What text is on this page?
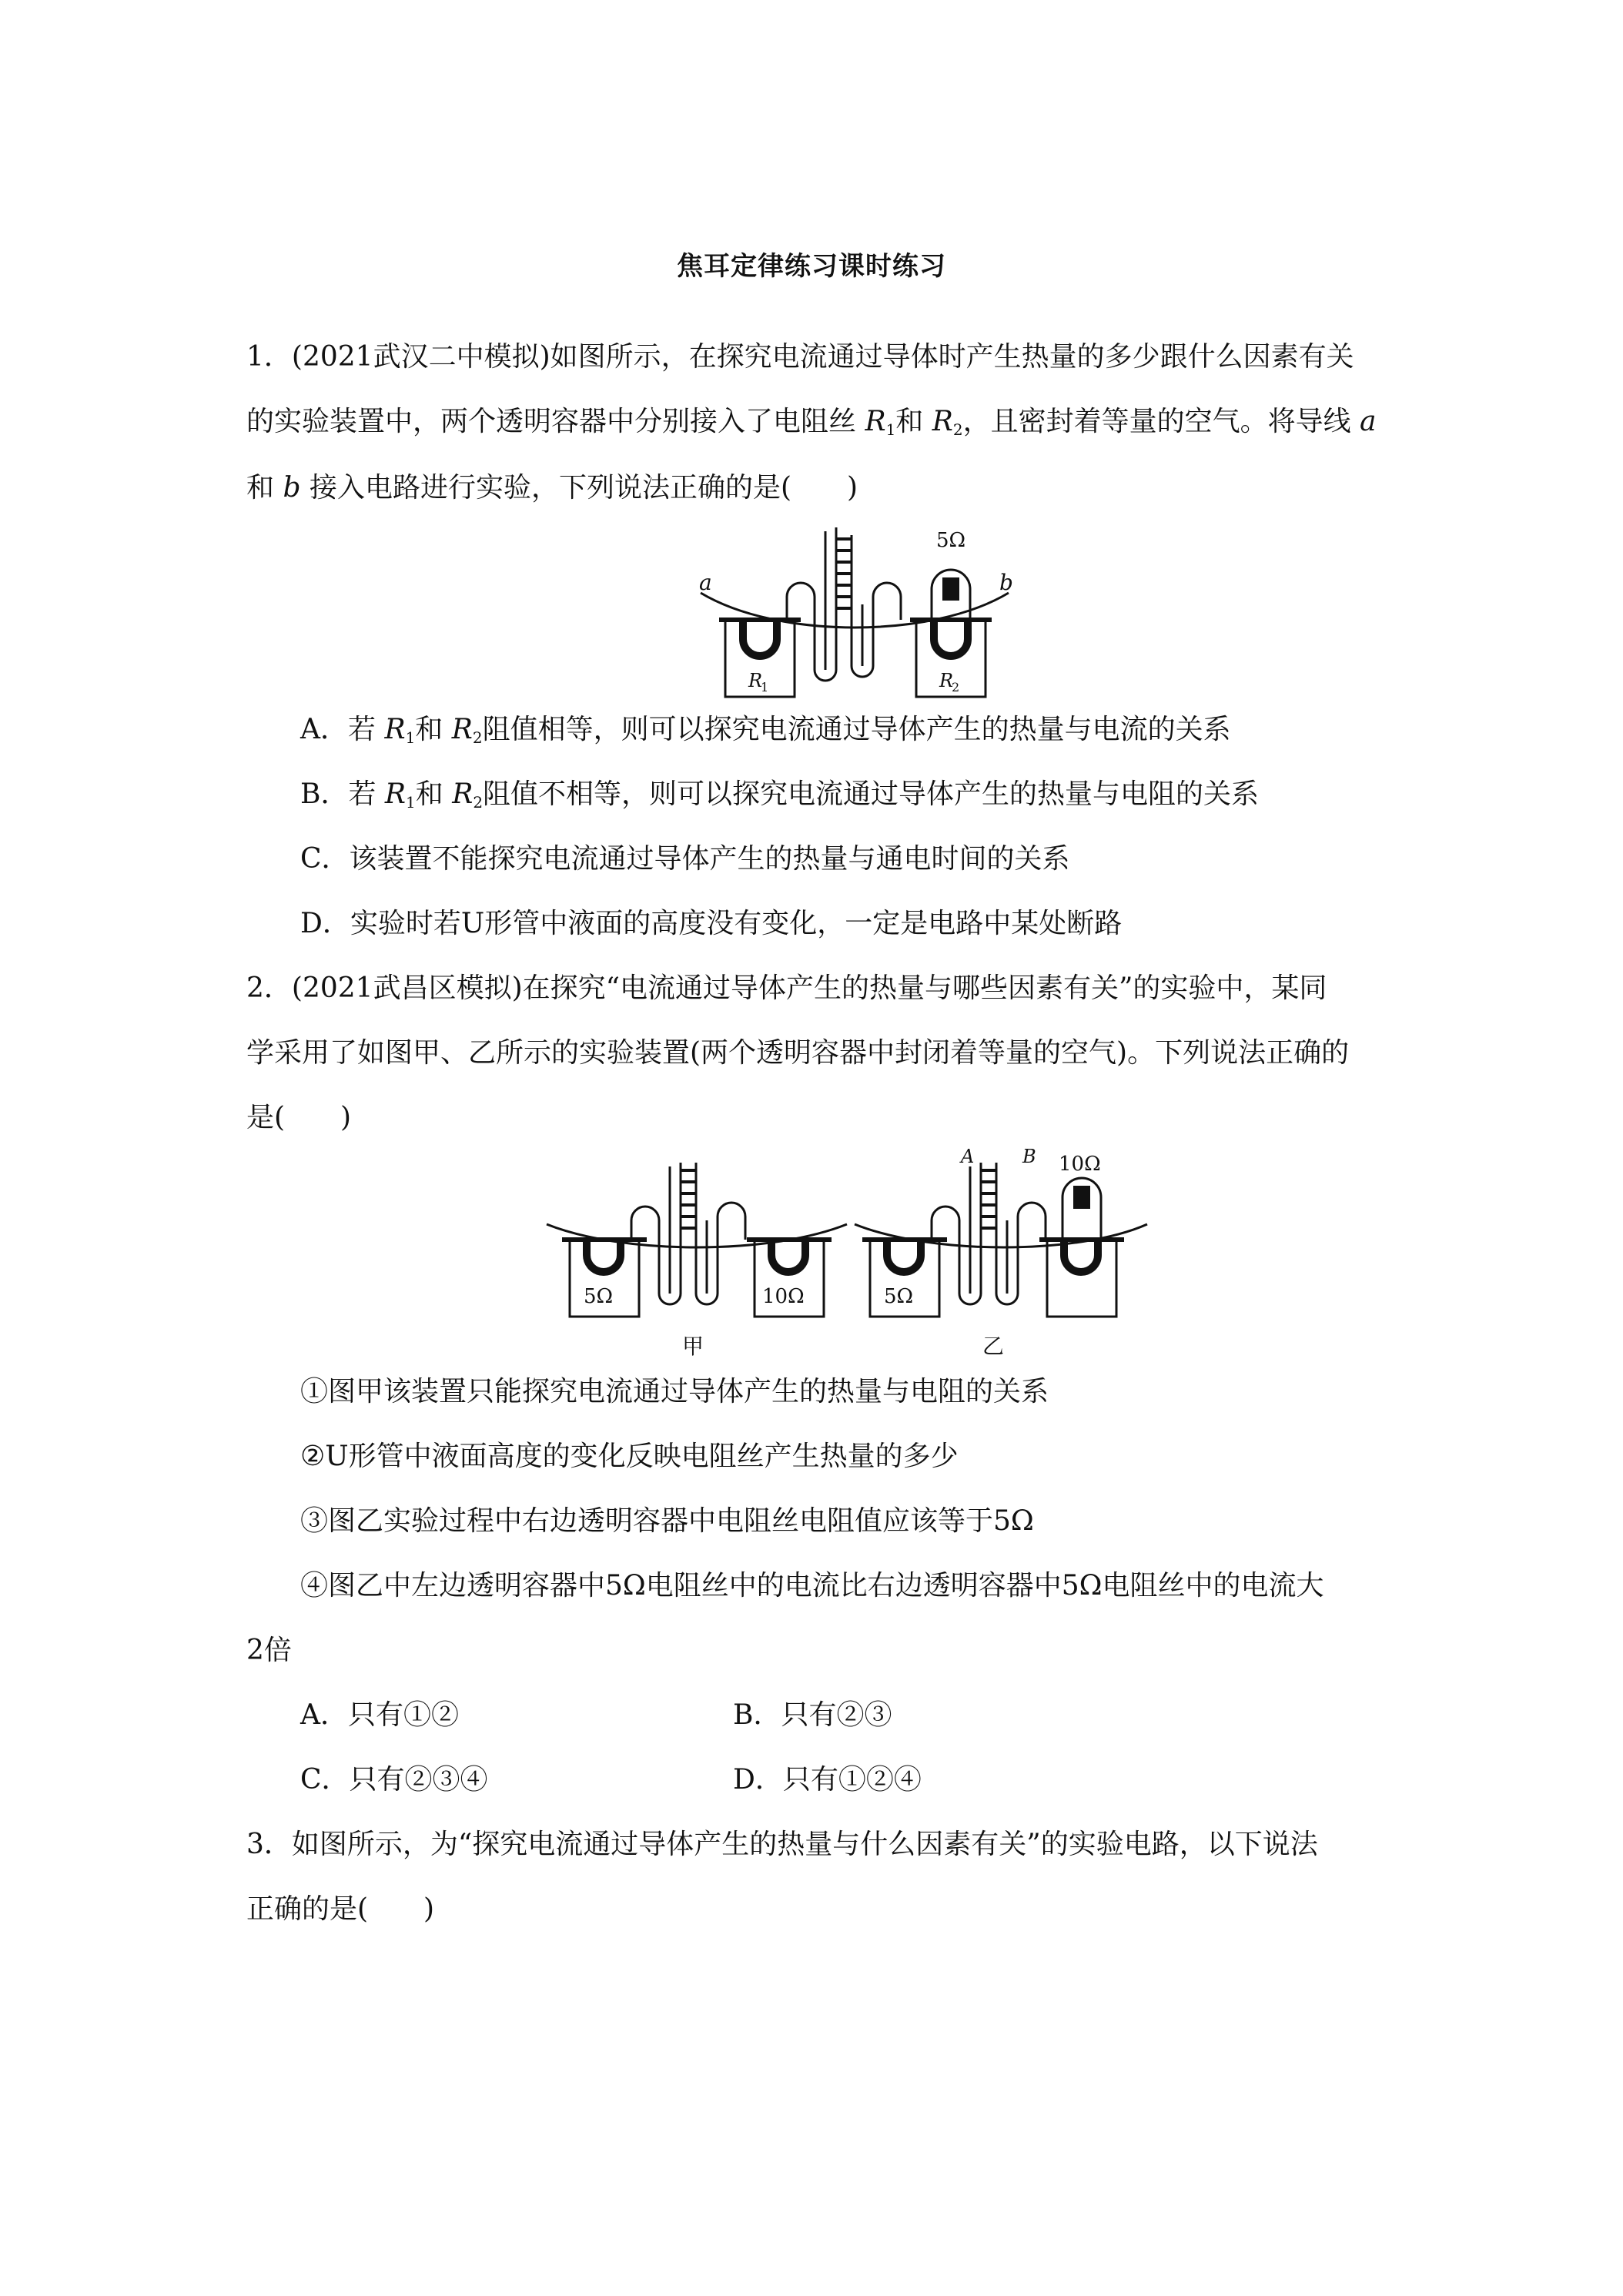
焦耳定律练习课时练习
1．(2021武汉二中模拟)如图所示，在探究电流通过导体时产生热量的多少跟什么因素有关
的实验装置中，两个透明容器中分别接入了电阻丝 $R_1$和 $R_2$，且密封着等量的空气。将导线 a
和 b 接入电路进行实验，下列说法正确的是(　　)
5Ω
a	b
R
1	R
2
A．若 $R_1$和 $R_2$阻值相等，则可以探究电流通过导体产生的热量与电流的关系
B．若 $R_1$和 $R_2$阻值不相等，则可以探究电流通过导体产生的热量与电阻的关系
C．该装置不能探究电流通过导体产生的热量与通电时间的关系
D．实验时若U形管中液面的高度没有变化，一定是电路中某处断路
2．(2021武昌区模拟)在探究“电流通过导体产生的热量与哪些因素有关”的实验中，某同
学采用了如图甲、乙所示的实验装置(两个透明容器中封闭着等量的空气)。下列说法正确的
是(　　)
5Ω	10Ω
甲
5Ω
10Ω
A	B
乙
①图甲该装置只能探究电流通过导体产生的热量与电阻的关系
②U形管中液面高度的变化反映电阻丝产生热量的多少
③图乙实验过程中右边透明容器中电阻丝电阻值应该等于5Ω
④图乙中左边透明容器中5Ω电阻丝中的电流比右边透明容器中5Ω电阻丝中的电流大
2倍
A．只有①②	B．只有②③
C．只有②③④	D．只有①②④
3．如图所示，为“探究电流通过导体产生的热量与什么因素有关”的实验电路，以下说法
正确的是(　　)
